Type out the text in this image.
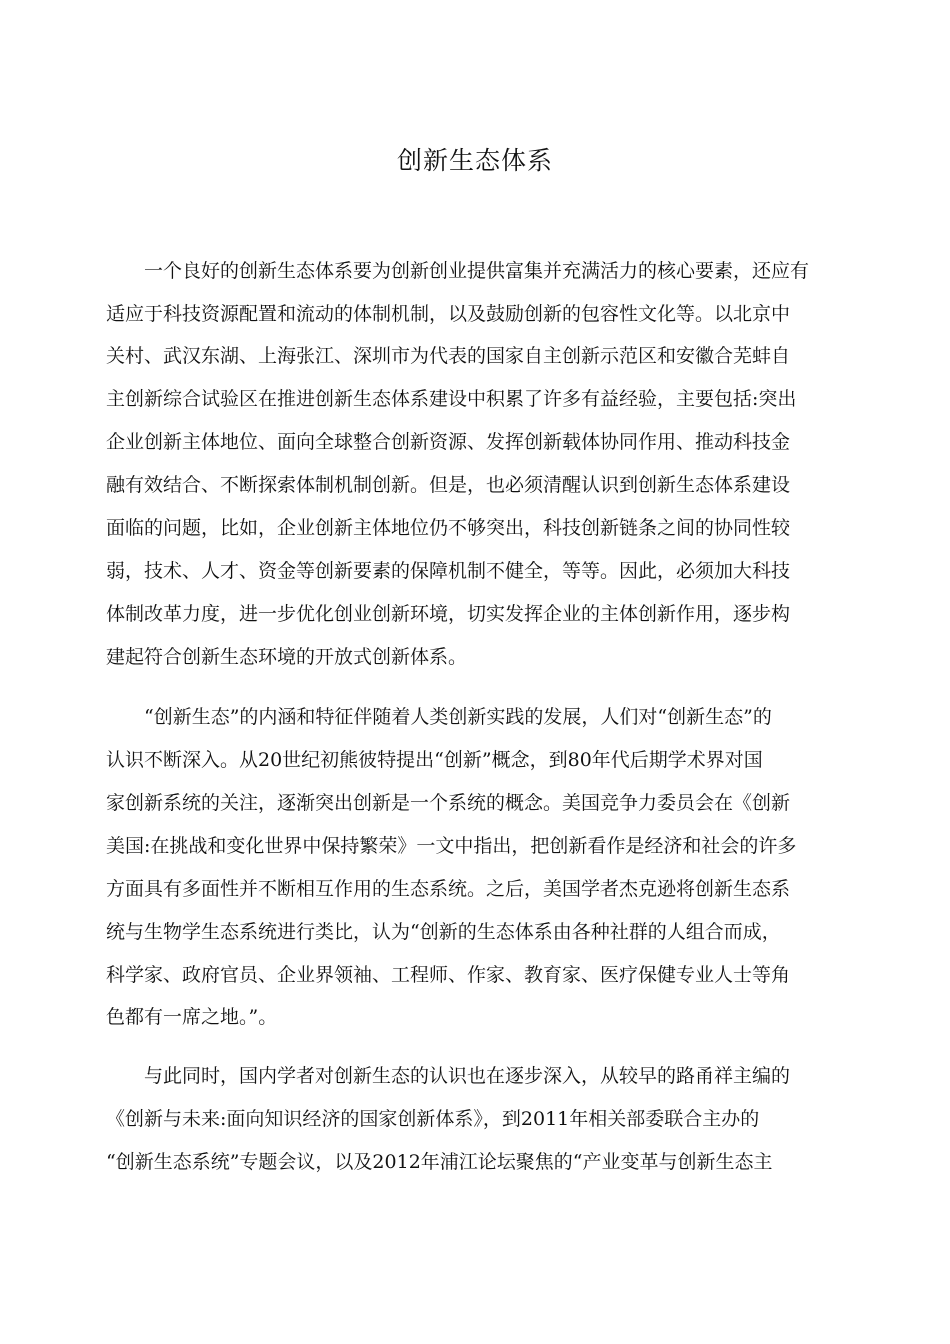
创新生态体系
　　一个良好的创新生态体系要为创新创业提供富集并充满活力的核心要素，还应有
适应于科技资源配置和流动的体制机制，以及鼓励创新的包容性文化等。以北京中
关村、武汉东湖、上海张江、深圳市为代表的国家自主创新示范区和安徽合芜蚌自
主创新综合试验区在推进创新生态体系建设中积累了许多有益经验，主要包括:突出
企业创新主体地位、面向全球整合创新资源、发挥创新载体协同作用、推动科技金
融有效结合、不断探索体制机制创新。但是，也必须清醒认识到创新生态体系建设
面临的问题，比如，企业创新主体地位仍不够突出，科技创新链条之间的协同性较
弱，技术、人才、资金等创新要素的保障机制不健全，等等。因此，必须加大科技
体制改革力度，进一步优化创业创新环境，切实发挥企业的主体创新作用，逐步构
建起符合创新生态环境的开放式创新体系。
　　“创新生态”的内涵和特征伴随着人类创新实践的发展，人们对“创新生态”的
认识不断深入。从20世纪初熊彼特提出“创新”概念，到80年代后期学术界对国
家创新系统的关注，逐渐突出创新是一个系统的概念。美国竞争力委员会在《创新
美国:在挑战和变化世界中保持繁荣》一文中指出，把创新看作是经济和社会的许多
方面具有多面性并不断相互作用的生态系统。之后，美国学者杰克逊将创新生态系
统与生物学生态系统进行类比，认为“创新的生态体系由各种社群的人组合而成，
科学家、政府官员、企业界领袖、工程师、作家、教育家、医疗保健专业人士等角
色都有一席之地。”。
　　与此同时，国内学者对创新生态的认识也在逐步深入，从较早的路甬祥主编的
《创新与未来:面向知识经济的国家创新体系》，到2011年相关部委联合主办的
“创新生态系统”专题会议，以及2012年浦江论坛聚焦的“产业变革与创新生态主
